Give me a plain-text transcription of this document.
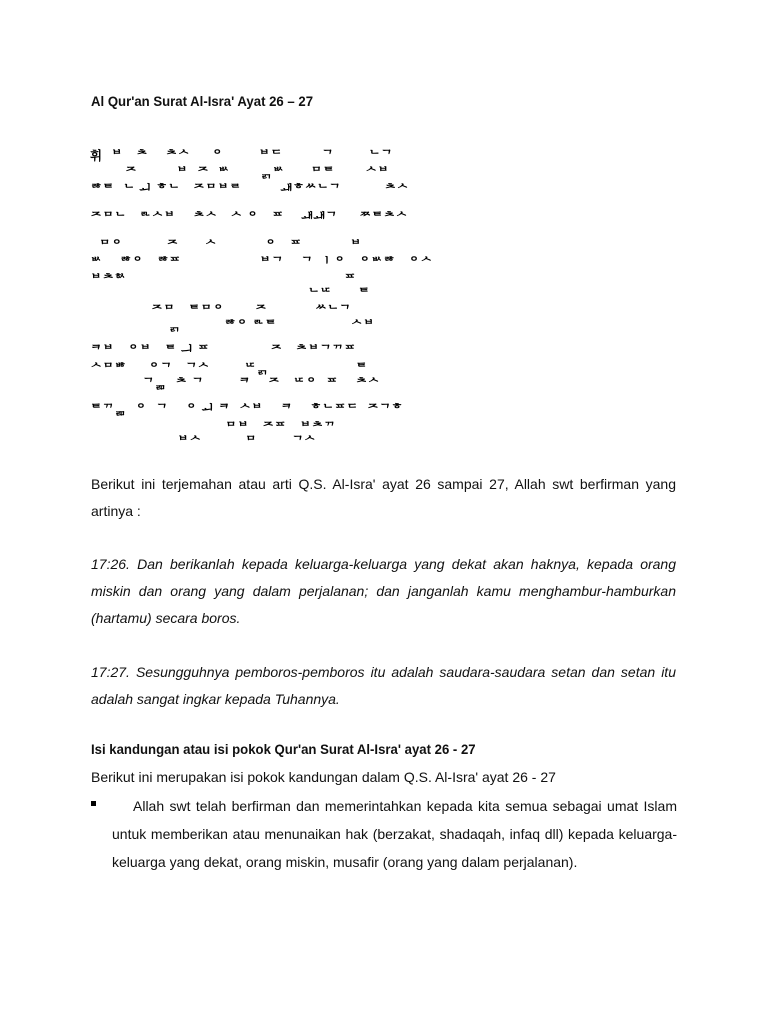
Al Qur'an Surat Al-Isra' Ayat 26 – 27
휘  ᄇ   ᄎ    ᄎᄉ     ᄋ        ᄇᄃ         ᄀ        ᄂᄀ
ᄌ         ᄇ  ᄌ  ᄡ       ᆰᄡ      ᄆᄐ       ᄉᄇ
ᄚᄐ  ᄂ ᅬ ᄒᄂ   ᄌᄆᄇᄅ         ᅫᄒᄊᄂᄀ          ᄎᄉ
ᄌᄆᄂ   ᄘᄉᄇ    ᄎᄉ   ᄉ ᄋ   ᄑ    ᅫᅫᄀ     ᄍᄐᄎᄉ
ᄆᄋ          ᄌ      ᄉ           ᄋ   ᄑ           ᄇ
ᄡ    ᄚᄋ   ᄚᄑ                  ᄇᄀ    ᄀ ᅵ ᄋ   ᄋᄡᄚ   ᄋᄉ
ᄇᄎᄒᄉ                                                  ᄑ
ᄂᄕ      ᄐ
ᄌᄆ   ᄐᄆᄋ       ᄌ           ᄊᄂᄀ
ᆰ          ᄚᄋ ᄘᄐ                 ᄉᄇ
ᄏᄇ   ᄋᄇ   ᄐ ᅴ ᄑ              ᄌ   ᄎᄇᄀᄁᄑ
ᄉᄆᄇᄒ     ᄋᄀ   ᄀᄉ        ᄕᆰ                    ᄐ
ᄀᆱ  ᄎ ᄀ        ᄏ    ᄌ   ᄕᄋ  ᄑ    ᄎᄉ
ᄐᄁᆱ  ᄋ  ᄀ    ᄋ ᅬ ᄏ  ᄉᄇ    ᄏ    ᄒᄂᄑᄃ  ᄌᄀᄒ
ᄆᄇ   ᄌᄑ   ᄇᄎᄁ
ᄇᄉ          ᄆ        ᄀᄉ
Berikut ini terjemahan atau arti Q.S. Al-Isra' ayat 26 sampai 27, Allah swt berfirman yang artinya :
17:26. Dan berikanlah kepada keluarga-keluarga yang dekat akan haknya, kepada orang miskin dan orang yang dalam perjalanan; dan janganlah kamu menghambur-hamburkan (hartamu) secara boros.
17:27. Sesungguhnya pemboros-pemboros itu adalah saudara-saudara setan dan setan itu adalah sangat ingkar kepada Tuhannya.
Isi kandungan atau isi pokok Qur'an Surat Al-Isra' ayat 26 - 27
Berikut ini merupakan isi pokok kandungan dalam Q.S. Al-Isra' ayat 26 - 27
Allah swt telah berfirman dan memerintahkan kepada kita semua sebagai umat Islam untuk memberikan atau menunaikan hak (berzakat, shadaqah, infaq dll) kepada keluarga-keluarga yang dekat, orang miskin, musafir (orang yang dalam perjalanan).
